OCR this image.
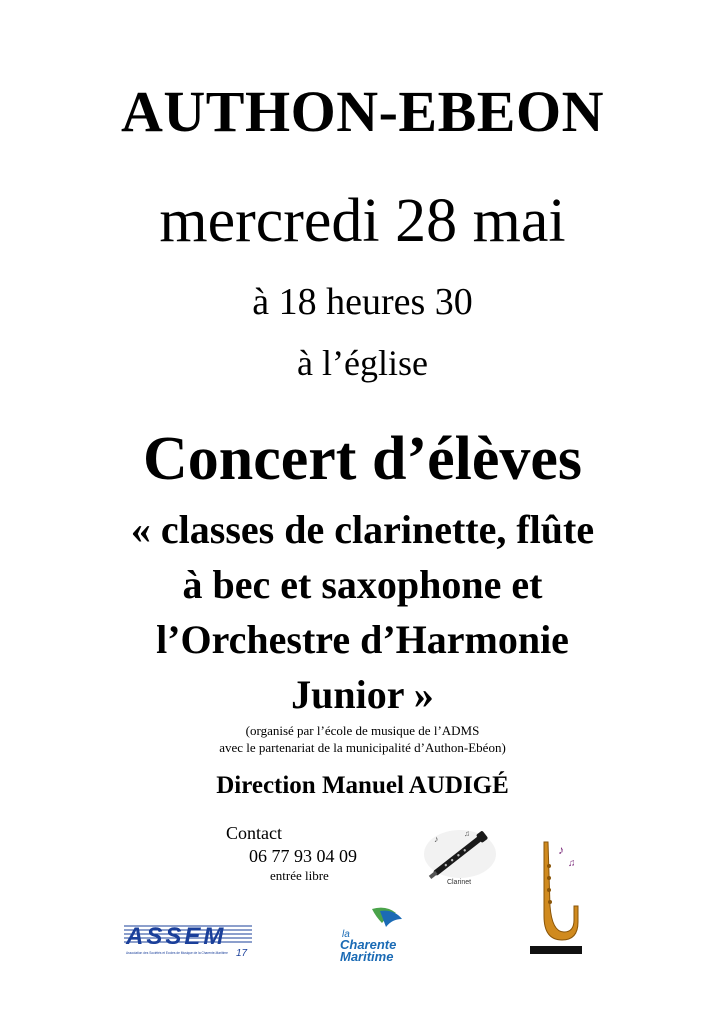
AUTHON-EBEON
mercredi 28 mai
à 18 heures 30
à l’église
Concert d’élèves
« classes de clarinette, flûte
à bec et saxophone et
l’Orchestre d’Harmonie
Junior »
(organisé par l’école de musique de l’ADMS
avec le partenariat de la municipalité d’Authon-Ebéon)
Direction Manuel AUDIGÉ
Contact
06 77 93 04 09
entrée libre
♪
♫
Clarinet
♪
♫
ASSEM
17
Association des Sociétés et Ecoles de Musique de la Charente-Maritime
la
Charente
Maritime
